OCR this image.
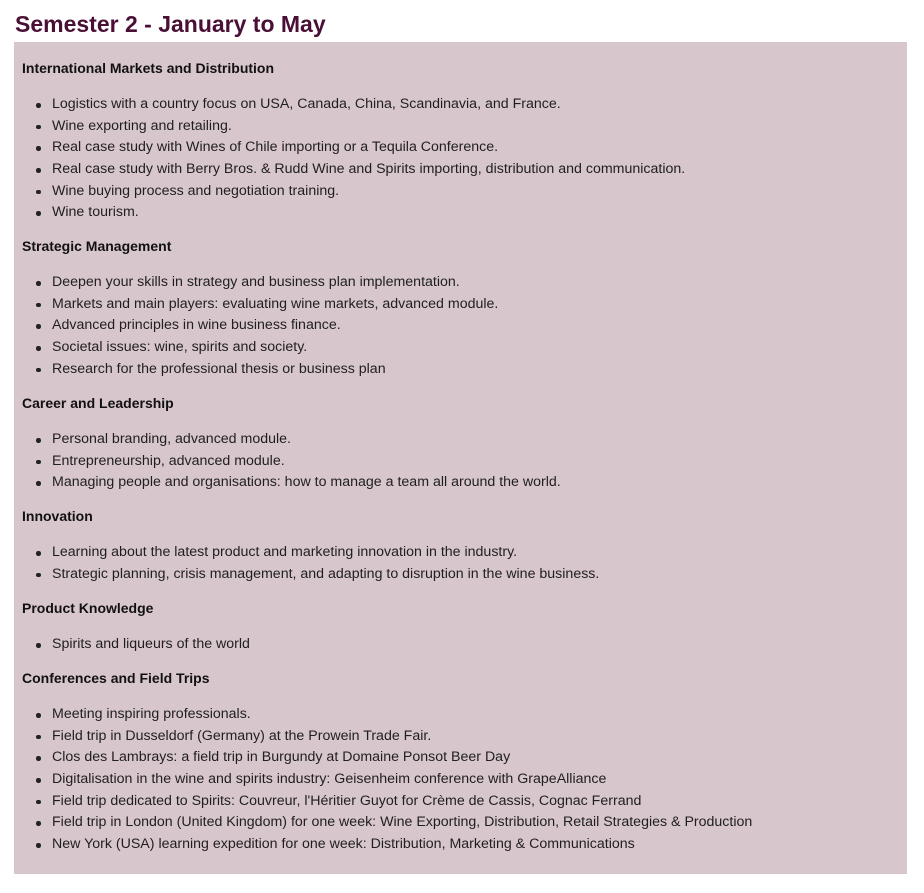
Semester 2 - January to May
International Markets and Distribution
Logistics with a country focus on USA, Canada, China, Scandinavia, and France.
Wine exporting and retailing.
Real case study with Wines of Chile importing or a Tequila Conference.
Real case study with Berry Bros. & Rudd Wine and Spirits importing, distribution and communication.
Wine buying process and negotiation training.
Wine tourism.
Strategic Management
Deepen your skills in strategy and business plan implementation.
Markets and main players: evaluating wine markets, advanced module.
Advanced principles in wine business finance.
Societal issues: wine, spirits and society.
Research for the professional thesis or business plan
Career and Leadership
Personal branding, advanced module.
Entrepreneurship, advanced module.
Managing people and organisations: how to manage a team all around the world.
Innovation
Learning about the latest product and marketing innovation in the industry.
Strategic planning, crisis management, and adapting to disruption in the wine business.
Product Knowledge
Spirits and liqueurs of the world
Conferences and Field Trips
Meeting inspiring professionals.
Field trip in Dusseldorf (Germany) at the Prowein Trade Fair.
Clos des Lambrays: a field trip in Burgundy at Domaine Ponsot Beer Day
Digitalisation in the wine and spirits industry: Geisenheim conference with GrapeAlliance
Field trip dedicated to Spirits: Couvreur, l'Héritier Guyot for Crème de Cassis, Cognac Ferrand
Field trip in London (United Kingdom) for one week: Wine Exporting, Distribution, Retail Strategies & Production
New York (USA) learning expedition for one week: Distribution, Marketing & Communications
